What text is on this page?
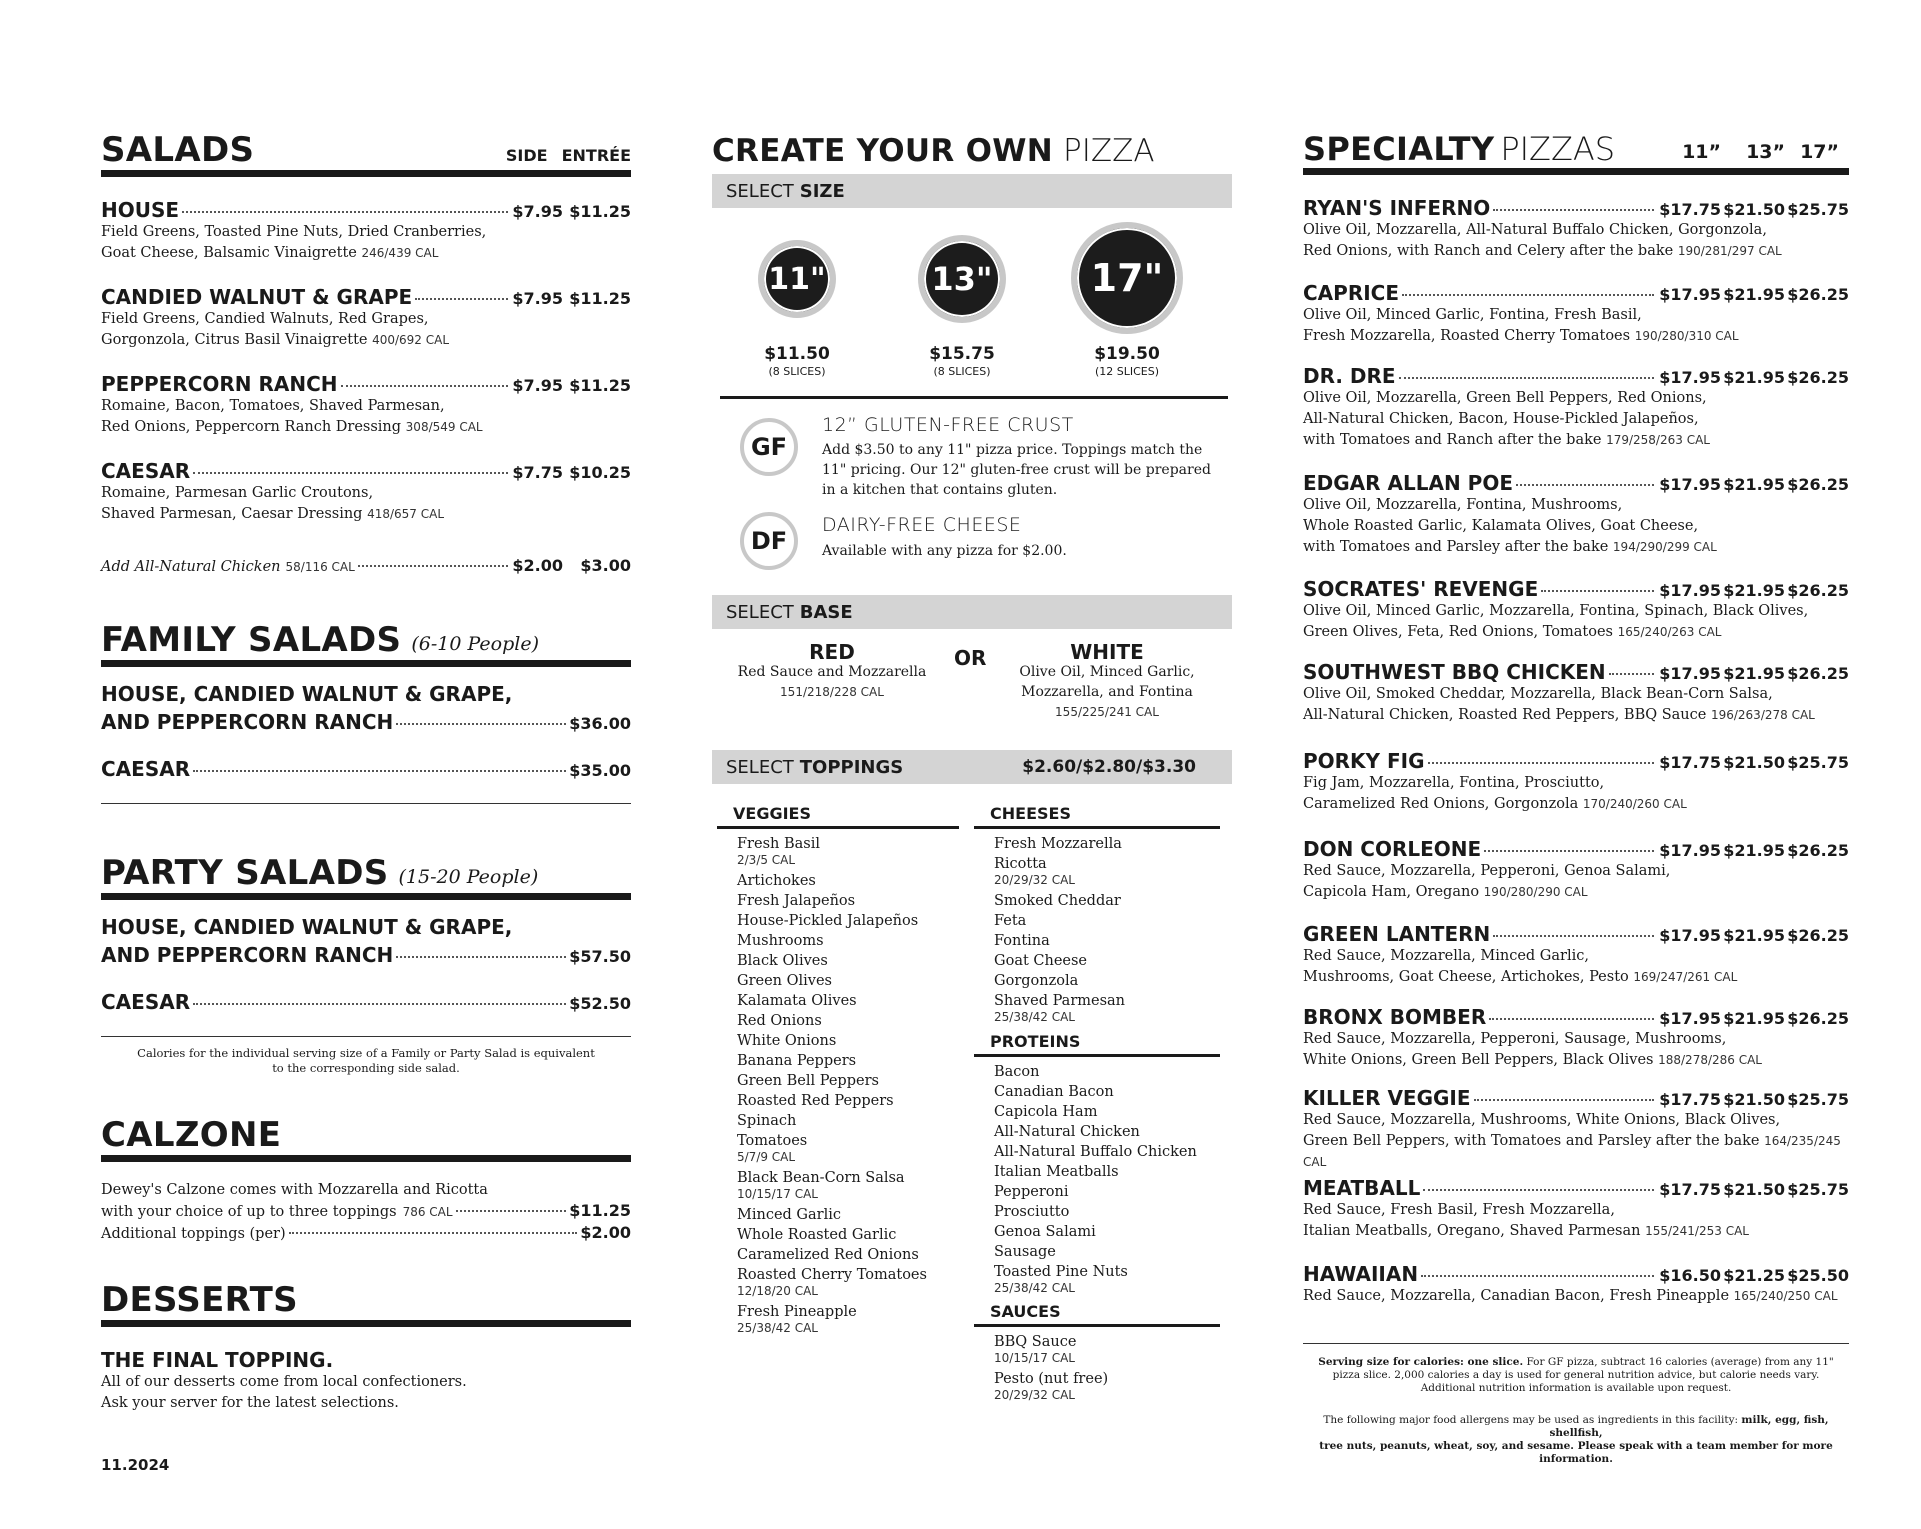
SALADS	SIDE ENTRÉE
HOUSE	$7.95 $11.25
Field Greens, Toasted Pine Nuts, Dried Cranberries,
Goat Cheese, Balsamic Vinaigrette 246/439 CAL
CANDIED WALNUT & GRAPE	$7.95 $11.25
Field Greens, Candied Walnuts, Red Grapes,
Gorgonzola, Citrus Basil Vinaigrette 400/692 CAL
PEPPERCORN RANCH	$7.95 $11.25
Romaine, Bacon, Tomatoes, Shaved Parmesan,
Red Onions, Peppercorn Ranch Dressing 308/549 CAL
CAESAR	$7.75 $10.25
Romaine, Parmesan Garlic Croutons,
Shaved Parmesan, Caesar Dressing 418/657 CAL
Add All-Natural Chicken 58/116 CAL	$2.00	$3.00
FAMILY SALADS (6-10 People)
HOUSE, CANDIED WALNUT & GRAPE,
AND PEPPERCORN RANCH	$36.00
CAESAR	$35.00
PARTY SALADS (15-20 People)
HOUSE, CANDIED WALNUT & GRAPE,
AND PEPPERCORN RANCH	$57.50
CAESAR	$52.50
Calories for the individual serving size of a Family or Party Salad is equivalent
to the corresponding side salad.
CALZONE
Dewey's Calzone comes with Mozzarella and Ricotta
with your choice of up to three toppings 786 CAL	$11.25
Additional toppings (per)	$2.00
DESSERTS
THE FINAL TOPPING.
All of our desserts come from local confectioners.
Ask your server for the latest selections.
11.2024
CREATE YOUR OWN PIZZA
SELECT SIZE
11"	13"	17"
$11.50
(8 SLICES)
$15.75
(8 SLICES)
$19.50
(12 SLICES)
GF
12” GLUTEN-FREE CRUST
Add $3.50 to any 11" pizza price. Toppings match the
11" pricing. Our 12" gluten-free crust will be prepared
in a kitchen that contains gluten.
DF
DAIRY-FREE CHEESE
Available with any pizza for $2.00.
SELECT BASE
RED
Red Sauce and Mozzarella
151/218/228 CAL
OR	WHITE
Olive Oil, Minced Garlic,
Mozzarella, and Fontina
155/225/241 CAL
SELECT TOPPINGS	$2.60/$2.80/$3.30
VEGGIES
Fresh Basil
2/3/5 CAL
Artichokes
Fresh Jalapeños
House-Pickled Jalapeños
Mushrooms
Black Olives
Green Olives
Kalamata Olives
Red Onions
White Onions
Banana Peppers
Green Bell Peppers
Roasted Red Peppers
Spinach
Tomatoes
5/7/9 CAL
Black Bean-Corn Salsa
10/15/17 CAL
Minced Garlic
Whole Roasted Garlic
Caramelized Red Onions
Roasted Cherry Tomatoes
12/18/20 CAL
Fresh Pineapple
25/38/42 CAL
CHEESES
Fresh Mozzarella
Ricotta
20/29/32 CAL
Smoked Cheddar
Feta
Fontina
Goat Cheese
Gorgonzola
Shaved Parmesan
25/38/42 CAL
PROTEINS
Bacon
Canadian Bacon
Capicola Ham
All-Natural Chicken
All-Natural Buffalo Chicken
Italian Meatballs
Pepperoni
Prosciutto
Genoa Salami
Sausage
Toasted Pine Nuts
25/38/42 CAL
SAUCES
BBQ Sauce
10/15/17 CAL
Pesto (nut free)
20/29/32 CAL
SPECIALTY PIZZAS	11”	13” 17”
RYAN'S INFERNO	$17.75 $21.50 $25.75
Olive Oil, Mozzarella, All-Natural Buffalo Chicken, Gorgonzola,
Red Onions, with Ranch and Celery after the bake 190/281/297 CAL
CAPRICE	$17.95 $21.95 $26.25
Olive Oil, Minced Garlic, Fontina, Fresh Basil,
Fresh Mozzarella, Roasted Cherry Tomatoes 190/280/310 CAL
DR. DRE	$17.95 $21.95 $26.25
Olive Oil, Mozzarella, Green Bell Peppers, Red Onions,
All-Natural Chicken, Bacon, House-Pickled Jalapeños,
with Tomatoes and Ranch after the bake 179/258/263 CAL
EDGAR ALLAN POE	$17.95 $21.95 $26.25
Olive Oil, Mozzarella, Fontina, Mushrooms,
Whole Roasted Garlic, Kalamata Olives, Goat Cheese,
with Tomatoes and Parsley after the bake 194/290/299 CAL
SOCRATES' REVENGE	$17.95 $21.95 $26.25
Olive Oil, Minced Garlic, Mozzarella, Fontina, Spinach, Black Olives,
Green Olives, Feta, Red Onions, Tomatoes 165/240/263 CAL
SOUTHWEST BBQ CHICKEN	$17.95 $21.95 $26.25
Olive Oil, Smoked Cheddar, Mozzarella, Black Bean-Corn Salsa,
All-Natural Chicken, Roasted Red Peppers, BBQ Sauce 196/263/278 CAL
PORKY FIG	$17.75 $21.50 $25.75
Fig Jam, Mozzarella, Fontina, Prosciutto,
Caramelized Red Onions, Gorgonzola 170/240/260 CAL
DON CORLEONE	$17.95 $21.95 $26.25
Red Sauce, Mozzarella, Pepperoni, Genoa Salami,
Capicola Ham, Oregano 190/280/290 CAL
GREEN LANTERN	$17.95 $21.95 $26.25
Red Sauce, Mozzarella, Minced Garlic,
Mushrooms, Goat Cheese, Artichokes, Pesto 169/247/261 CAL
BRONX BOMBER	$17.95 $21.95 $26.25
Red Sauce, Mozzarella, Pepperoni, Sausage, Mushrooms,
White Onions, Green Bell Peppers, Black Olives 188/278/286 CAL
KILLER VEGGIE	$17.75 $21.50 $25.75
Red Sauce, Mozzarella, Mushrooms, White Onions, Black Olives,
Green Bell Peppers, with Tomatoes and Parsley after the bake 164/235/245 CAL
MEATBALL	$17.75 $21.50 $25.75
Red Sauce, Fresh Basil, Fresh Mozzarella,
Italian Meatballs, Oregano, Shaved Parmesan 155/241/253 CAL
HAWAIIAN	$16.50 $21.25 $25.50
Red Sauce, Mozzarella, Canadian Bacon, Fresh Pineapple 165/240/250 CAL
Serving size for calories: one slice. For GF pizza, subtract 16 calories (average) from any 11"
pizza slice. 2,000 calories a day is used for general nutrition advice, but calorie needs vary.
Additional nutrition information is available upon request.
The following major food allergens may be used as ingredients in this facility: milk, egg, fish, shellfish,
tree nuts, peanuts, wheat, soy, and sesame. Please speak with a team member for more information.
